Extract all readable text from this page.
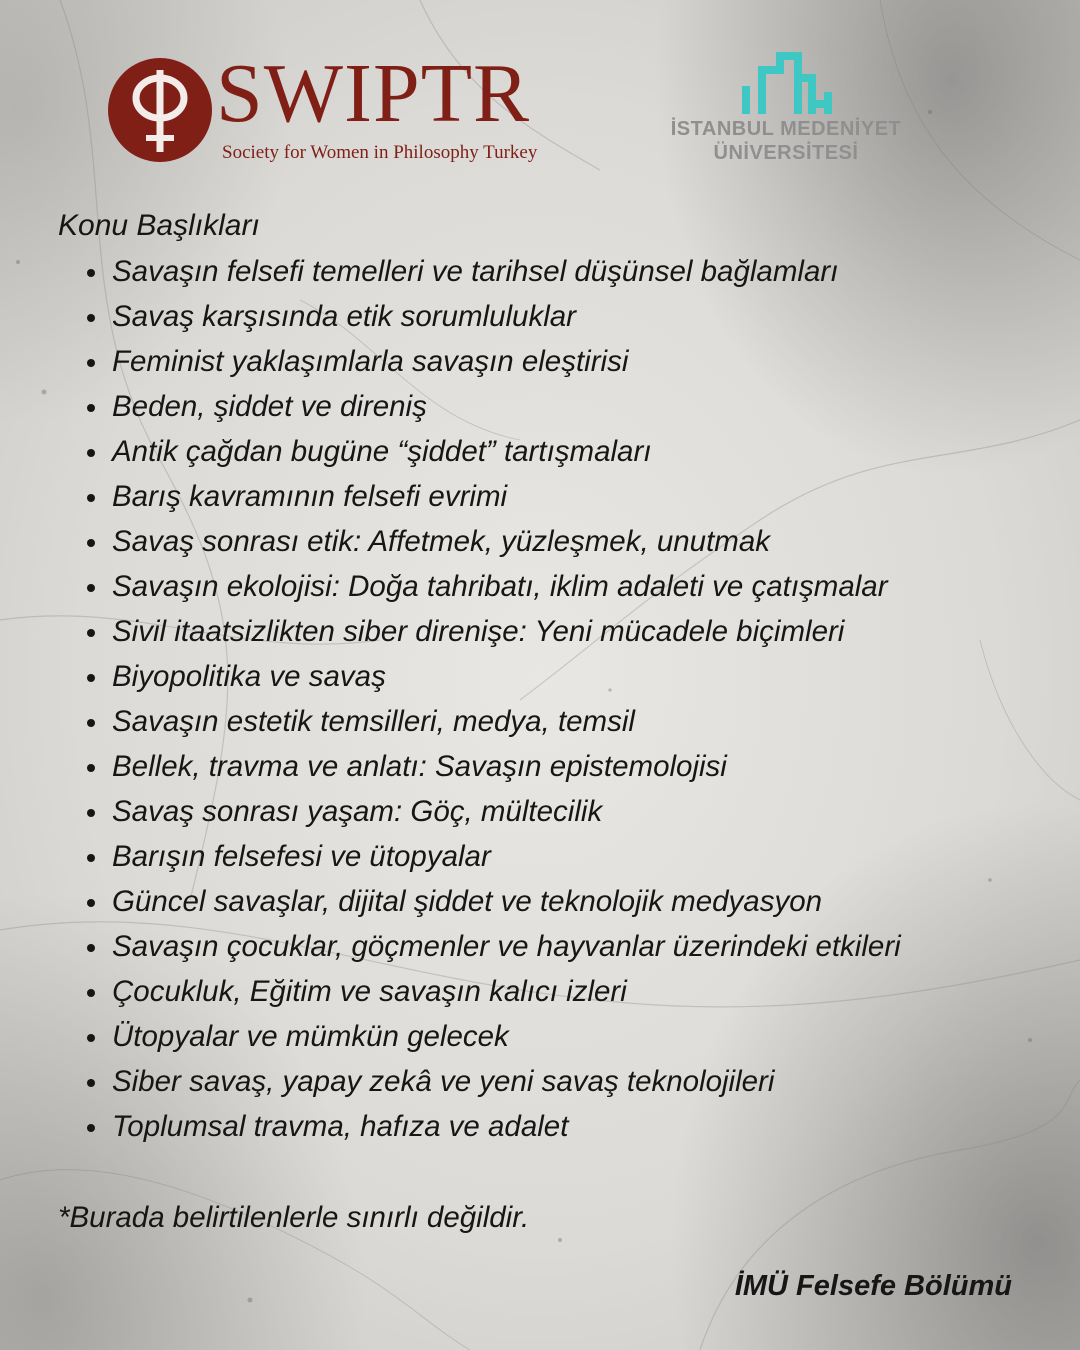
SWIPTR
Society for Women in Philosophy Turkey
İSTANBUL MEDENİYET
ÜNİVERSİTESİ
Konu Başlıkları
Savaşın felsefi temelleri ve tarihsel düşünsel bağlamları
Savaş karşısında etik sorumluluklar
Feminist yaklaşımlarla savaşın eleştirisi
Beden, şiddet ve direniş
Antik çağdan bugüne “şiddet” tartışmaları
Barış kavramının felsefi evrimi
Savaş sonrası etik: Affetmek, yüzleşmek, unutmak
Savaşın ekolojisi: Doğa tahribatı, iklim adaleti ve çatışmalar
Sivil itaatsizlikten siber direnişe: Yeni mücadele biçimleri
Biyopolitika ve savaş
Savaşın estetik temsilleri, medya, temsil
Bellek, travma ve anlatı: Savaşın epistemolojisi
Savaş sonrası yaşam: Göç, mültecilik
Barışın felsefesi ve ütopyalar
Güncel savaşlar, dijital şiddet ve teknolojik medyasyon
Savaşın çocuklar, göçmenler ve hayvanlar üzerindeki etkileri
Çocukluk, Eğitim ve savaşın kalıcı izleri
Ütopyalar ve mümkün gelecek
Siber savaş, yapay zekâ ve yeni savaş teknolojileri
Toplumsal travma, hafıza ve adalet
*Burada belirtilenlerle sınırlı değildir.
İMÜ Felsefe Bölümü
